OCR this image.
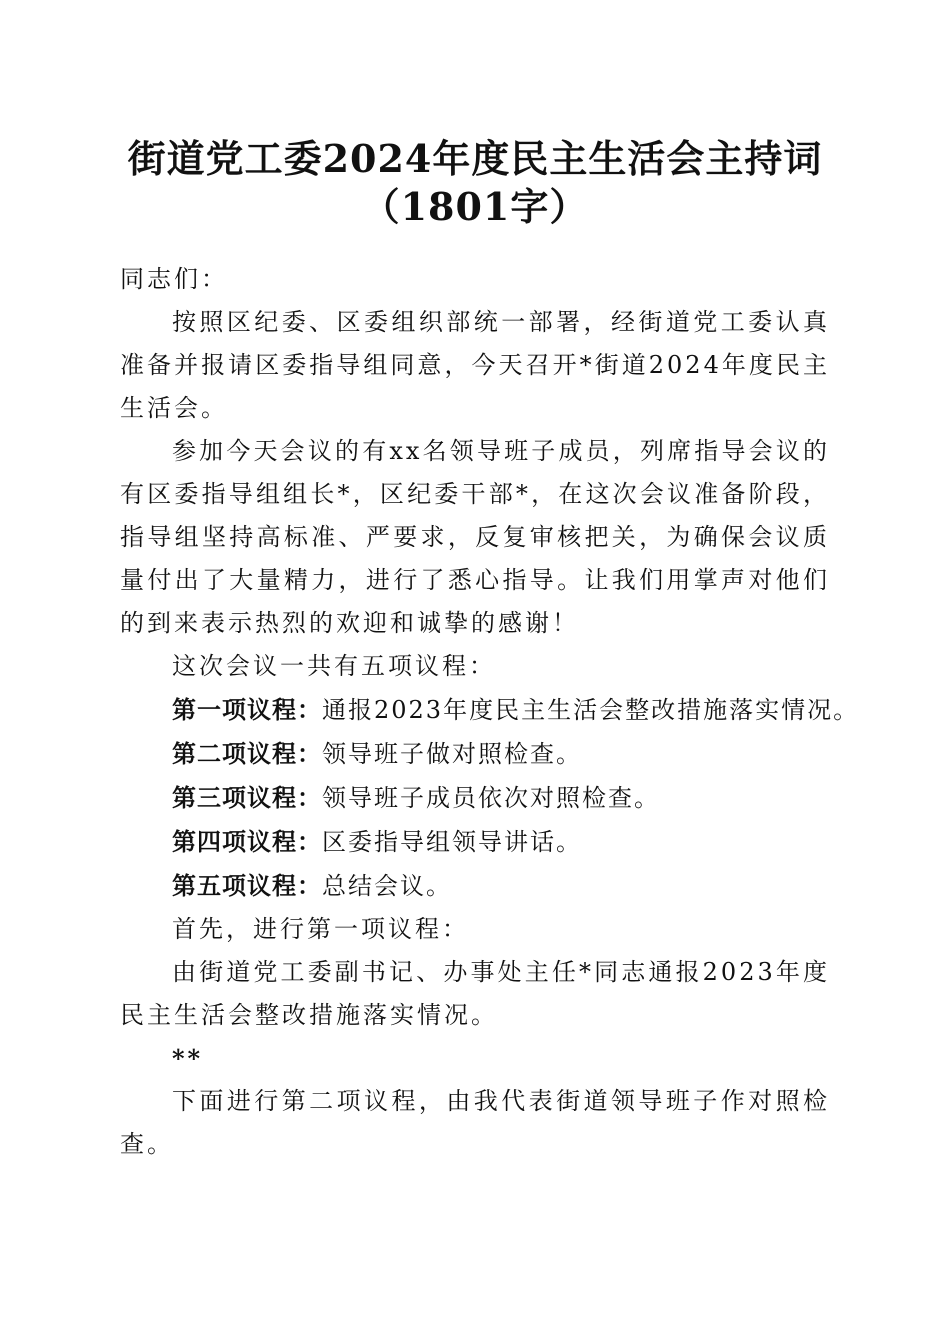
街道党工委2024年度民主生活会主持词
（1801字）

同志们：

按照区纪委、区委组织部统一部署，经街道党工委认真准备并报请区委指导组同意，今天召开*街道2024年度民主生活会。

参加今天会议的有xx名领导班子成员，列席指导会议的有区委指导组组长*，区纪委干部*，在这次会议准备阶段，指导组坚持高标准、严要求，反复审核把关，为确保会议质量付出了大量精力，进行了悉心指导。让我们用掌声对他们的到来表示热烈的欢迎和诚挚的感谢！

这次会议一共有五项议程：

第一项议程：通报2023年度民主生活会整改措施落实情况。

第二项议程：领导班子做对照检查。

第三项议程：领导班子成员依次对照检查。

第四项议程：区委指导组领导讲话。

第五项议程：总结会议。

首先，进行第一项议程：

由街道党工委副书记、办事处主任*同志通报2023年度民主生活会整改措施落实情况。

**

下面进行第二项议程，由我代表街道领导班子作对照检查。
